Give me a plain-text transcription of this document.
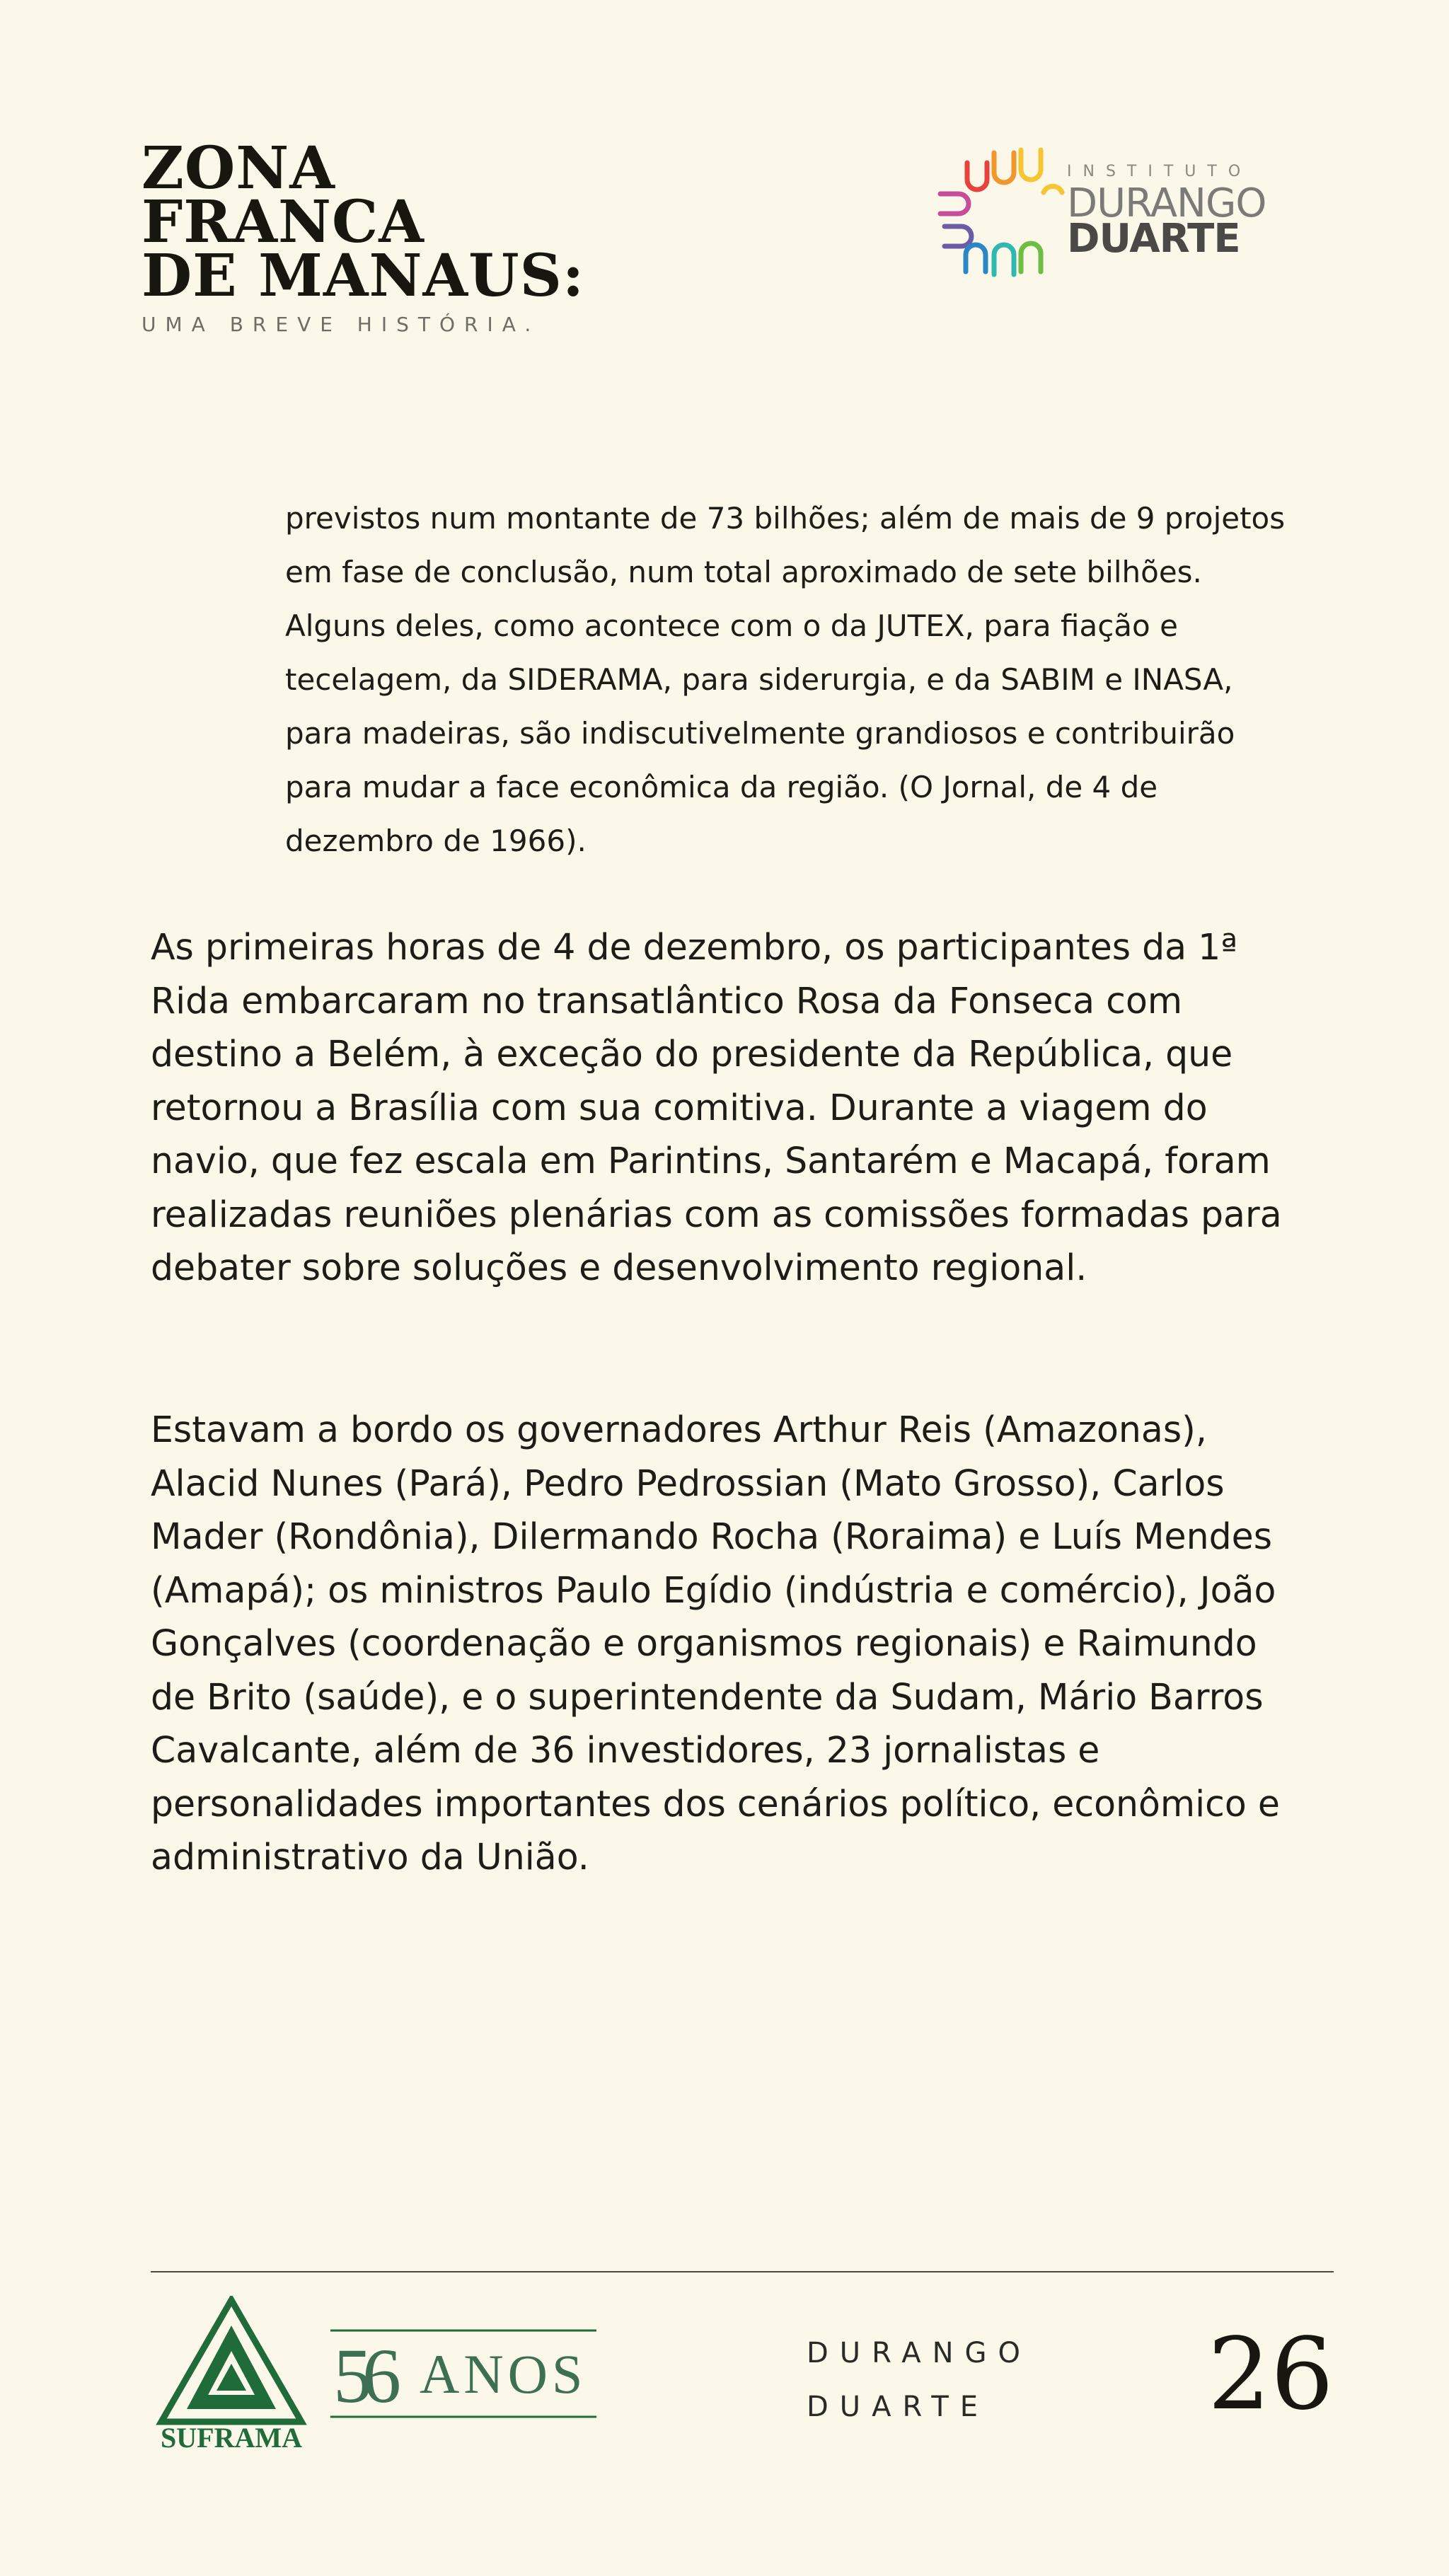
ZONA
FRANCA
DE MANAUS:
UMA BREVE HISTÓRIA.
INSTITUTO
DURANGO
DUARTE

previstos num montante de 73 bilhões; além de mais de 9 projetos em fase de conclusão, num total aproximado de sete bilhões. Alguns deles, como acontece com o da JUTEX, para fiação e tecelagem, da SIDERAMA, para siderurgia, e da SABIM e INASA, para madeiras, são indiscutivelmente grandiosos e contribuirão para mudar a face econômica da região. (O Jornal, de 4 de dezembro de 1966).

As primeiras horas de 4 de dezembro, os participantes da 1ª Rida embarcaram no transatlântico Rosa da Fonseca com destino a Belém, à exceção do presidente da República, que retornou a Brasília com sua comitiva. Durante a viagem do navio, que fez escala em Parintins, Santarém e Macapá, foram realizadas reuniões plenárias com as comissões formadas para debater sobre soluções e desenvolvimento regional.

Estavam a bordo os governadores Arthur Reis (Amazonas), Alacid Nunes (Pará), Pedro Pedrossian (Mato Grosso), Carlos Mader (Rondônia), Dilermando Rocha (Roraima) e Luís Mendes (Amapá); os ministros Paulo Egídio (indústria e comércio), João Gonçalves (coordenação e organismos regionais) e Raimundo de Brito (saúde), e o superintendente da Sudam, Mário Barros Cavalcante, além de 36 investidores, 23 jornalistas e personalidades importantes dos cenários político, econômico e administrativo da União.

SUFRAMA
56 ANOS	DURANGO
DUARTE	26
